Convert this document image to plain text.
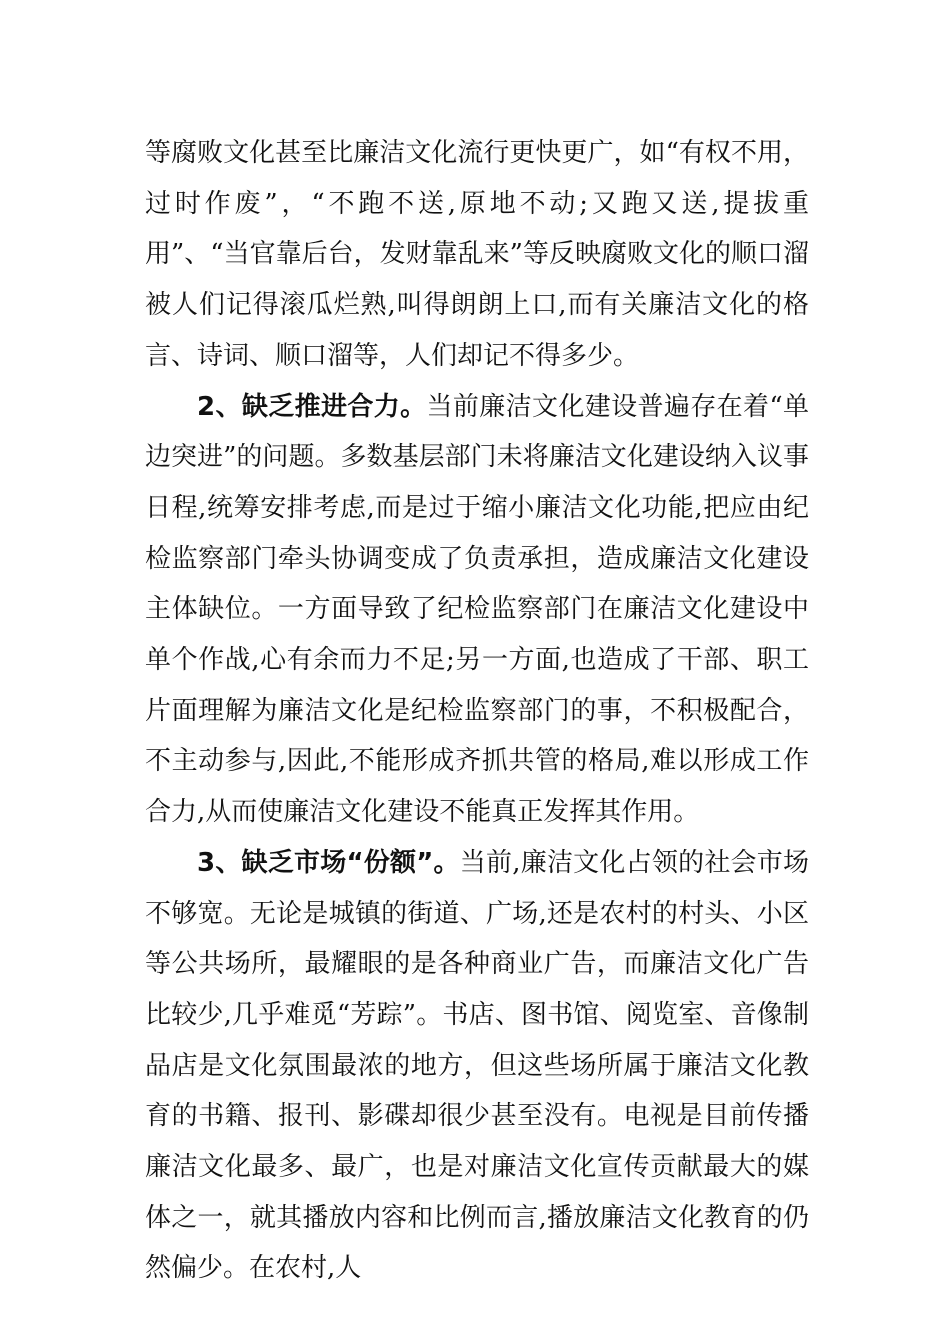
等腐败文化甚至比廉洁文化流行更快更广，如“有权不用，过时作废”，“不跑不送,原地不动;又跑又送,提拔重用”、“当官靠后台，发财靠乱来”等反映腐败文化的顺口溜被人们记得滚瓜烂熟,叫得朗朗上口,而有关廉洁文化的格言、诗词、顺口溜等，人们却记不得多少。

2、缺乏推进合力。当前廉洁文化建设普遍存在着“单边突进”的问题。多数基层部门未将廉洁文化建设纳入议事日程,统筹安排考虑,而是过于缩小廉洁文化功能,把应由纪检监察部门牵头协调变成了负责承担，造成廉洁文化建设主体缺位。一方面导致了纪检监察部门在廉洁文化建设中单个作战,心有余而力不足;另一方面,也造成了干部、职工片面理解为廉洁文化是纪检监察部门的事，不积极配合，不主动参与,因此,不能形成齐抓共管的格局,难以形成工作合力,从而使廉洁文化建设不能真正发挥其作用。

3、缺乏市场“份额”。当前,廉洁文化占领的社会市场不够宽。无论是城镇的街道、广场,还是农村的村头、小区等公共场所，最耀眼的是各种商业广告，而廉洁文化广告比较少,几乎难觅“芳踪”。书店、图书馆、阅览室、音像制品店是文化氛围最浓的地方，但这些场所属于廉洁文化教育的书籍、报刊、影碟却很少甚至没有。电视是目前传播廉洁文化最多、最广，也是对廉洁文化宣传贡献最大的媒体之一，就其播放内容和比例而言,播放廉洁文化教育的仍然偏少。在农村,人
